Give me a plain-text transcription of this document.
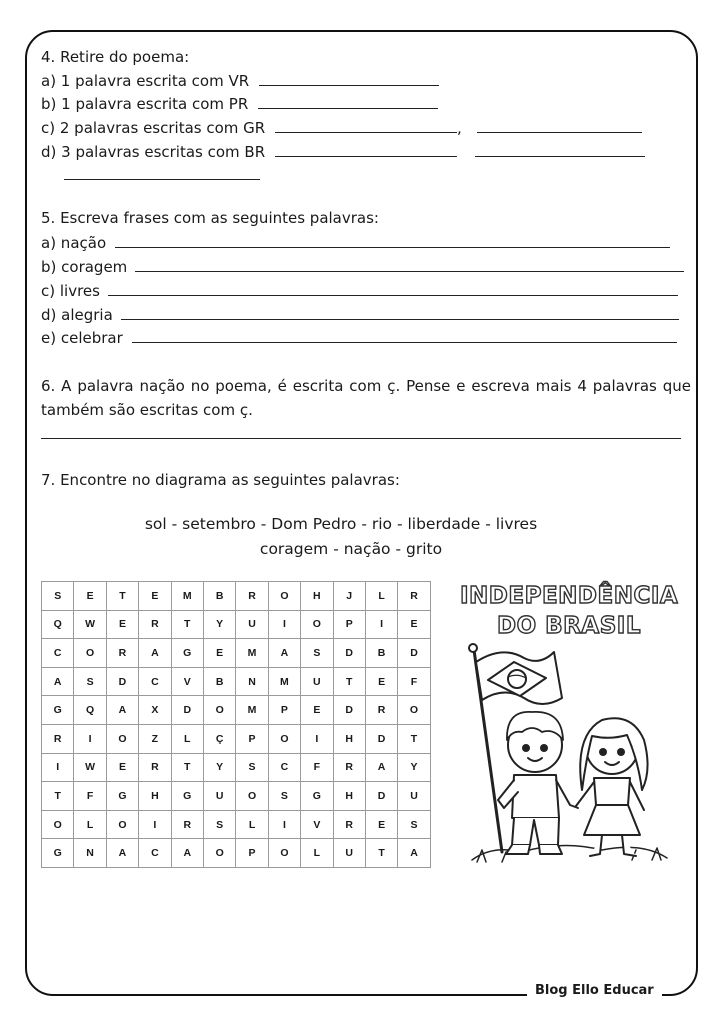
Blog Ello Educar
4. Retire do poema:
a) 1 palavra escrita com VR
b) 1 palavra escrita com PR
c) 2 palavras escritas com GR	,
d) 3 palavras escritas com BR
5. Escreva frases com as seguintes palavras:
a) nação
b) coragem
c) livres
d) alegria
e) celebrar
6. A palavra nação no poema, é escrita com ç. Pense e escreva mais 4 palavras que também são escritas com ç.
7. Encontre no diagrama as seguintes palavras:
sol - setembro - Dom Pedro - rio - liberdade - livres
coragem - nação - grito
S	E	T	E	M	B	R	O	H	J	L	R
Q	W	E	R	T	Y	U	I	O	P	I	E
C	O	R	A	G	E	M	A	S	D	B	D
A	S	D	C	V	B	N	M	U	T	E	F
G	Q	A	X	D	O	M	P	E	D	R	O
R	I	O	Z	L	Ç	P	O	I	H	D	T
I	W	E	R	T	Y	S	C	F	R	A	Y
T	F	G	H	G	U	O	S	G	H	D	U
O	L	O	I	R	S	L	I	V	R	E	S
G	N	A	C	A	O	P	O	L	U	T	A
INDEPENDÊNCIA
DO BRASIL
